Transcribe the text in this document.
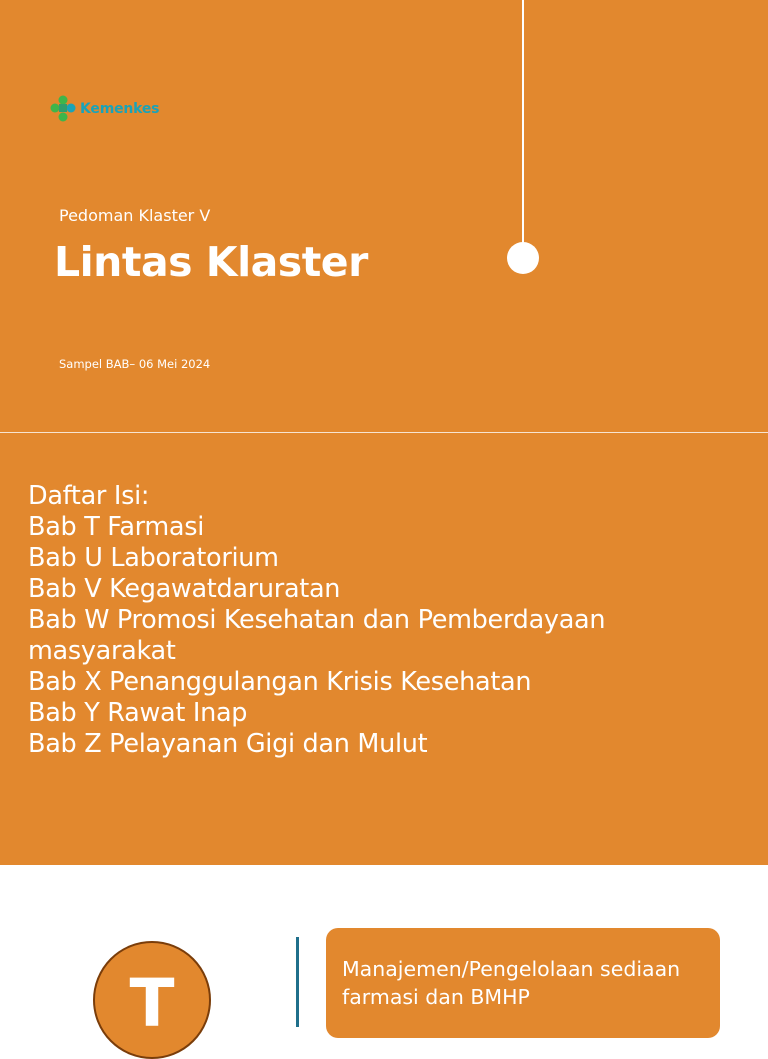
Kemenkes
Pedoman Klaster V
Lintas Klaster
Sampel BAB– 06 Mei 2024
Daftar Isi:
Bab T Farmasi
Bab U Laboratorium
Bab V Kegawatdaruratan
Bab W Promosi Kesehatan dan Pemberdayaan masyarakat
Bab X Penanggulangan Krisis Kesehatan
Bab Y Rawat Inap
Bab Z Pelayanan Gigi dan Mulut
T	Manajemen/Pengelolaan sediaan farmasi dan BMHP
